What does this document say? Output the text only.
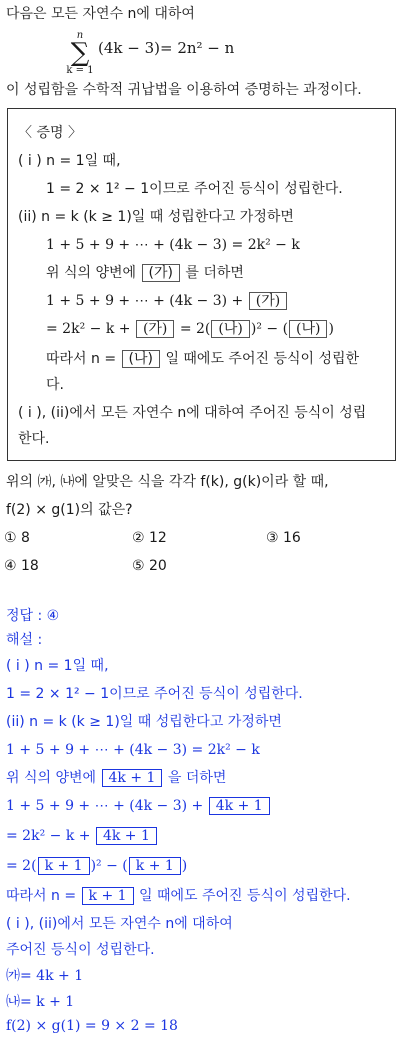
다음은 모든 자연수 n에 대하여
n
∑
k = 1
(4k − 3)= 2n² − n
이 성립함을 수학적 귀납법을 이용하여 증명하는 과정이다.
〈 증명 〉
( i ) n = 1일 때,
1 = 2 × 1² − 1이므로 주어진 등식이 성립한다.
(ii) n = k (k ≥ 1)일 때 성립한다고 가정하면
1 + 5 + 9 + ⋯ + (4k − 3) = 2k² − k
위 식의 양변에 (가) 를 더하면
1 + 5 + 9 + ⋯ + (4k − 3) + (가)
= 2k² − k + (가) = 2( (나) )² − ( (나) )
따라서 n = (나) 일 때에도 주어진 등식이 성립한
다.
( i ), (ii)에서 모든 자연수 n에 대하여 주어진 등식이 성립
한다.
위의 ㈎, ㈏에 알맞은 식을 각각 f(k), g(k)이라 할 때,
f(2) × g(1)의 값은?
① 8	② 12	③ 16
④ 18	⑤ 20
정답 : ④
해설 :
( i ) n = 1일 때,
1 = 2 × 1² − 1이므로 주어진 등식이 성립한다.
(ii) n = k (k ≥ 1)일 때 성립한다고 가정하면
1 + 5 + 9 + ⋯ + (4k − 3) = 2k² − k
위 식의 양변에 4k + 1 을 더하면
1 + 5 + 9 + ⋯ + (4k − 3) + 4k + 1
= 2k² − k + 4k + 1
= 2( k + 1 )² − ( k + 1 )
따라서 n = k + 1 일 때에도 주어진 등식이 성립한다.
( i ), (ii)에서 모든 자연수 n에 대하여
주어진 등식이 성립한다.
㈎= 4k + 1
㈏= k + 1
f(2) × g(1) = 9 × 2 = 18
